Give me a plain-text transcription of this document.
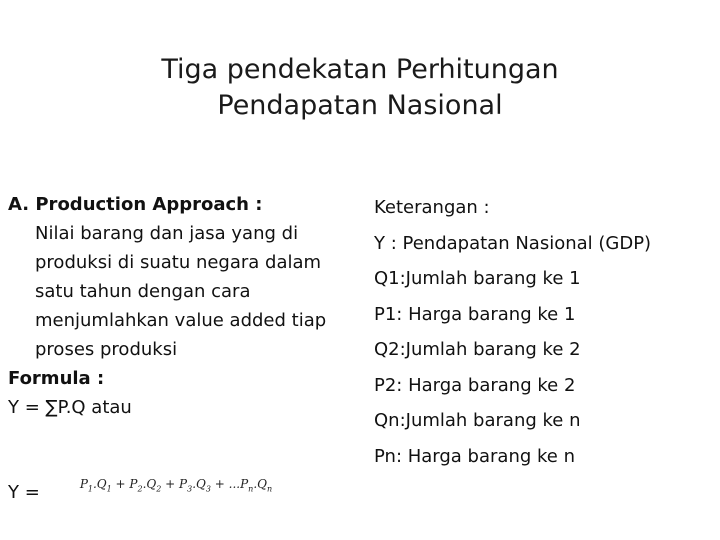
Tiga pendekatan Perhitungan
Pendapatan Nasional
A. Production Approach :
Nilai barang dan jasa yang di
produksi di suatu negara dalam
satu tahun dengan cara
menjumlahkan value added tiap
proses produksi
Formula :
Y = ∑P.Q atau
Keterangan :
Y : Pendapatan Nasional (GDP)
Q1:Jumlah barang ke 1
P1: Harga barang ke 1
Q2:Jumlah barang ke 2
P2: Harga barang ke 2
Qn:Jumlah barang ke n
Pn: Harga barang ke n
Y =	$P_1.Q_1 + P_2.Q_2 + P_3.Q_3 + ...P_n.Q_n$
